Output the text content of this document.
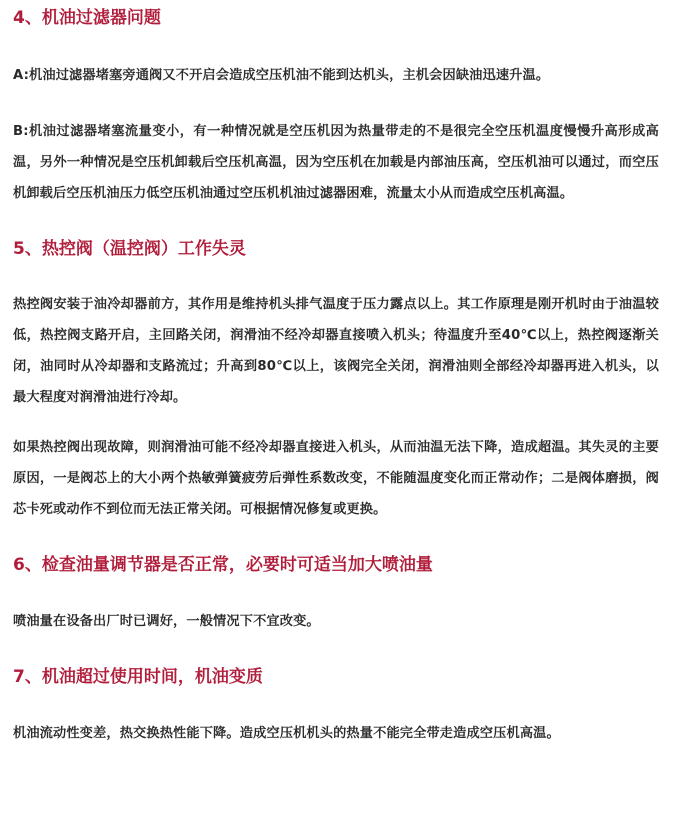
4、机油过滤器问题

A:机油过滤器堵塞旁通阀又不开启会造成空压机油不能到达机头，主机会因缺油迅速升温。

B:机油过滤器堵塞流量变小，有一种情况就是空压机因为热量带走的不是很完全空压机温度慢慢升高形成高温，另外一种情况是空压机卸载后空压机高温，因为空压机在加载是内部油压高，空压机油可以通过，而空压机卸载后空压机油压力低空压机油通过空压机机油过滤器困难，流量太小从而造成空压机高温。

5、热控阀（温控阀）工作失灵

热控阀安装于油冷却器前方，其作用是维持机头排气温度于压力露点以上。其工作原理是刚开机时由于油温较低，热控阀支路开启，主回路关闭，润滑油不经冷却器直接喷入机头；待温度升至40℃以上，热控阀逐渐关闭，油同时从冷却器和支路流过；升高到80℃以上，该阀完全关闭，润滑油则全部经冷却器再进入机头，以最大程度对润滑油进行冷却。

如果热控阀出现故障，则润滑油可能不经冷却器直接进入机头，从而油温无法下降，造成超温。其失灵的主要原因，一是阀芯上的大小两个热敏弹簧疲劳后弹性系数改变，不能随温度变化而正常动作；二是阀体磨损，阀芯卡死或动作不到位而无法正常关闭。可根据情况修复或更换。

6、检查油量调节器是否正常，必要时可适当加大喷油量

喷油量在设备出厂时已调好，一般情况下不宜改变。

7、机油超过使用时间，机油变质

机油流动性变差，热交换热性能下降。造成空压机机头的热量不能完全带走造成空压机高温。
